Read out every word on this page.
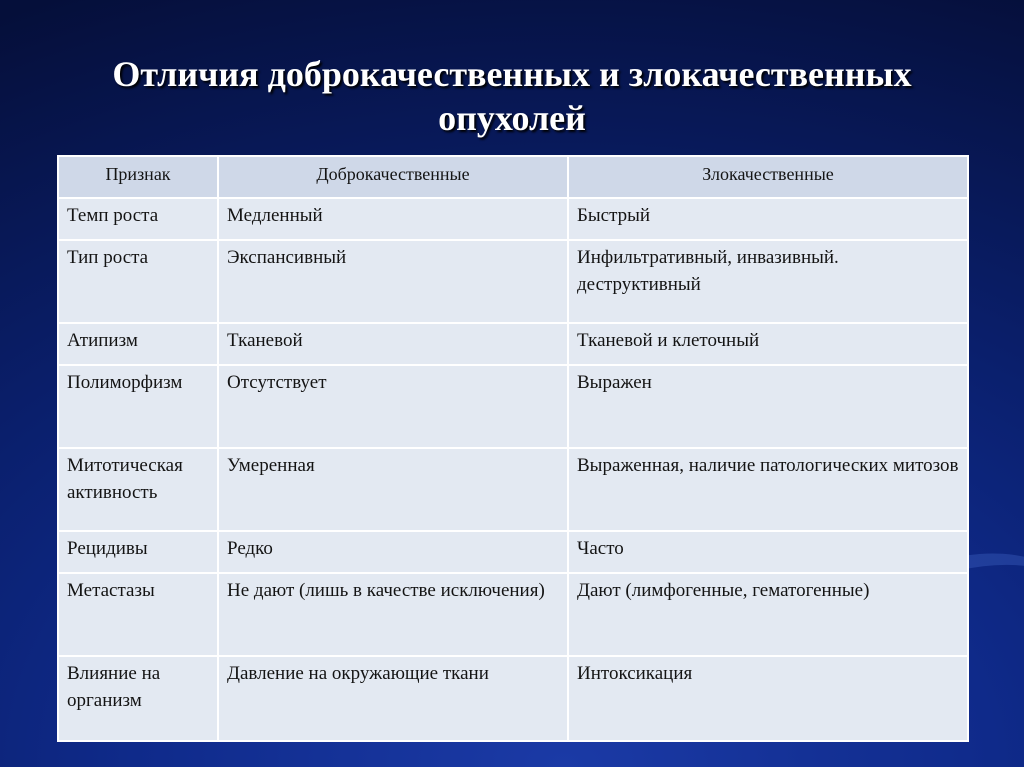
Отличия доброкачественных и злокачественных
опухолей
Признак	Доброкачественные	Злокачественные
Темп роста	Медленный	Быстрый
Тип роста	Экспансивный	Инфильтративный, инвазивный. деструктивный
Атипизм	Тканевой	Тканевой и клеточный
Полиморфизм	Отсутствует	Выражен
Митотическая активность	Умеренная	Выраженная, наличие патологических митозов
Рецидивы	Редко	Часто
Метастазы	Не дают (лишь в качестве исключения)	Дают (лимфогенные, гематогенные)
Влияние на организм	Давление на окружающие ткани	Интоксикация
